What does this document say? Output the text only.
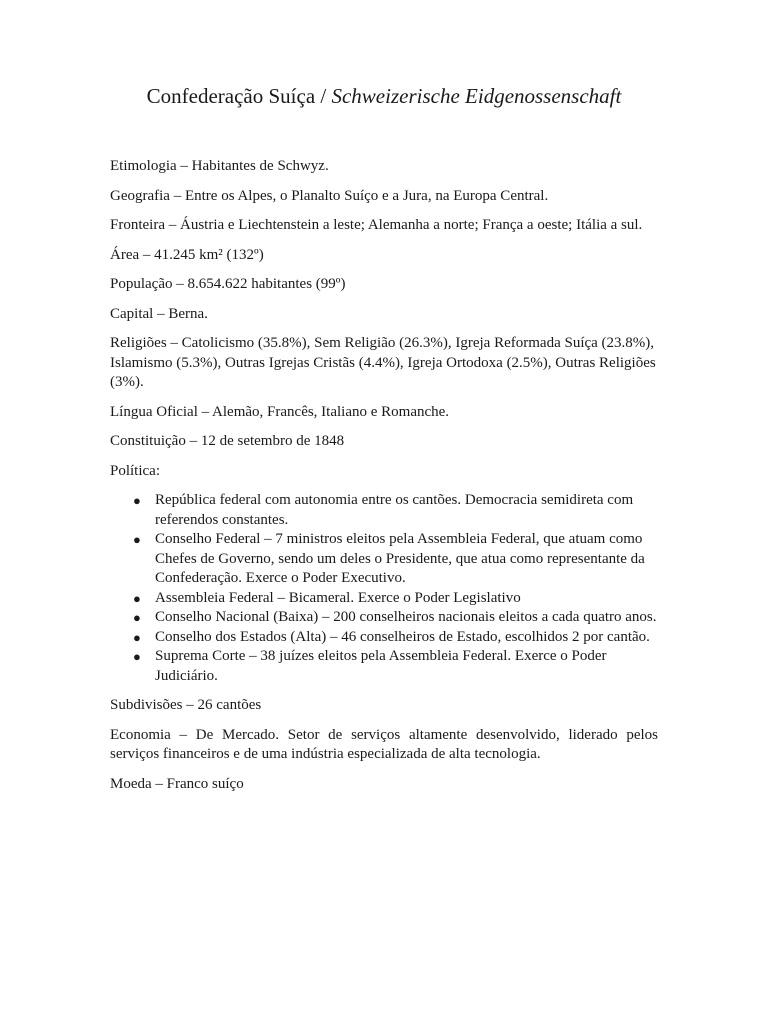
Confederação Suíça / Schweizerische Eidgenossenschaft

Etimologia – Habitantes de Schwyz.

Geografia – Entre os Alpes, o Planalto Suíço e a Jura, na Europa Central.

Fronteira – Áustria e Liechtenstein a leste; Alemanha a norte; França a oeste; Itália a sul.

Área – 41.245 km² (132º)

População – 8.654.622 habitantes (99º)

Capital – Berna.

Religiões – Catolicismo (35.8%), Sem Religião (26.3%), Igreja Reformada Suíça (23.8%), Islamismo (5.3%), Outras Igrejas Cristãs (4.4%), Igreja Ortodoxa (2.5%), Outras Religiões (3%).

Língua Oficial – Alemão, Francês, Italiano e Romanche.

Constituição – 12 de setembro de 1848

Política:

● República federal com autonomia entre os cantões. Democracia semidireta com referendos constantes.
● Conselho Federal – 7 ministros eleitos pela Assembleia Federal, que atuam como Chefes de Governo, sendo um deles o Presidente, que atua como representante da Confederação. Exerce o Poder Executivo.
● Assembleia Federal – Bicameral. Exerce o Poder Legislativo
● Conselho Nacional (Baixa) – 200 conselheiros nacionais eleitos a cada quatro anos.
● Conselho dos Estados (Alta) – 46 conselheiros de Estado, escolhidos 2 por cantão.
● Suprema Corte – 38 juízes eleitos pela Assembleia Federal. Exerce o Poder Judiciário.

Subdivisões – 26 cantões

Economia – De Mercado. Setor de serviços altamente desenvolvido, liderado pelos serviços financeiros e de uma indústria especializada de alta tecnologia.

Moeda – Franco suíço
